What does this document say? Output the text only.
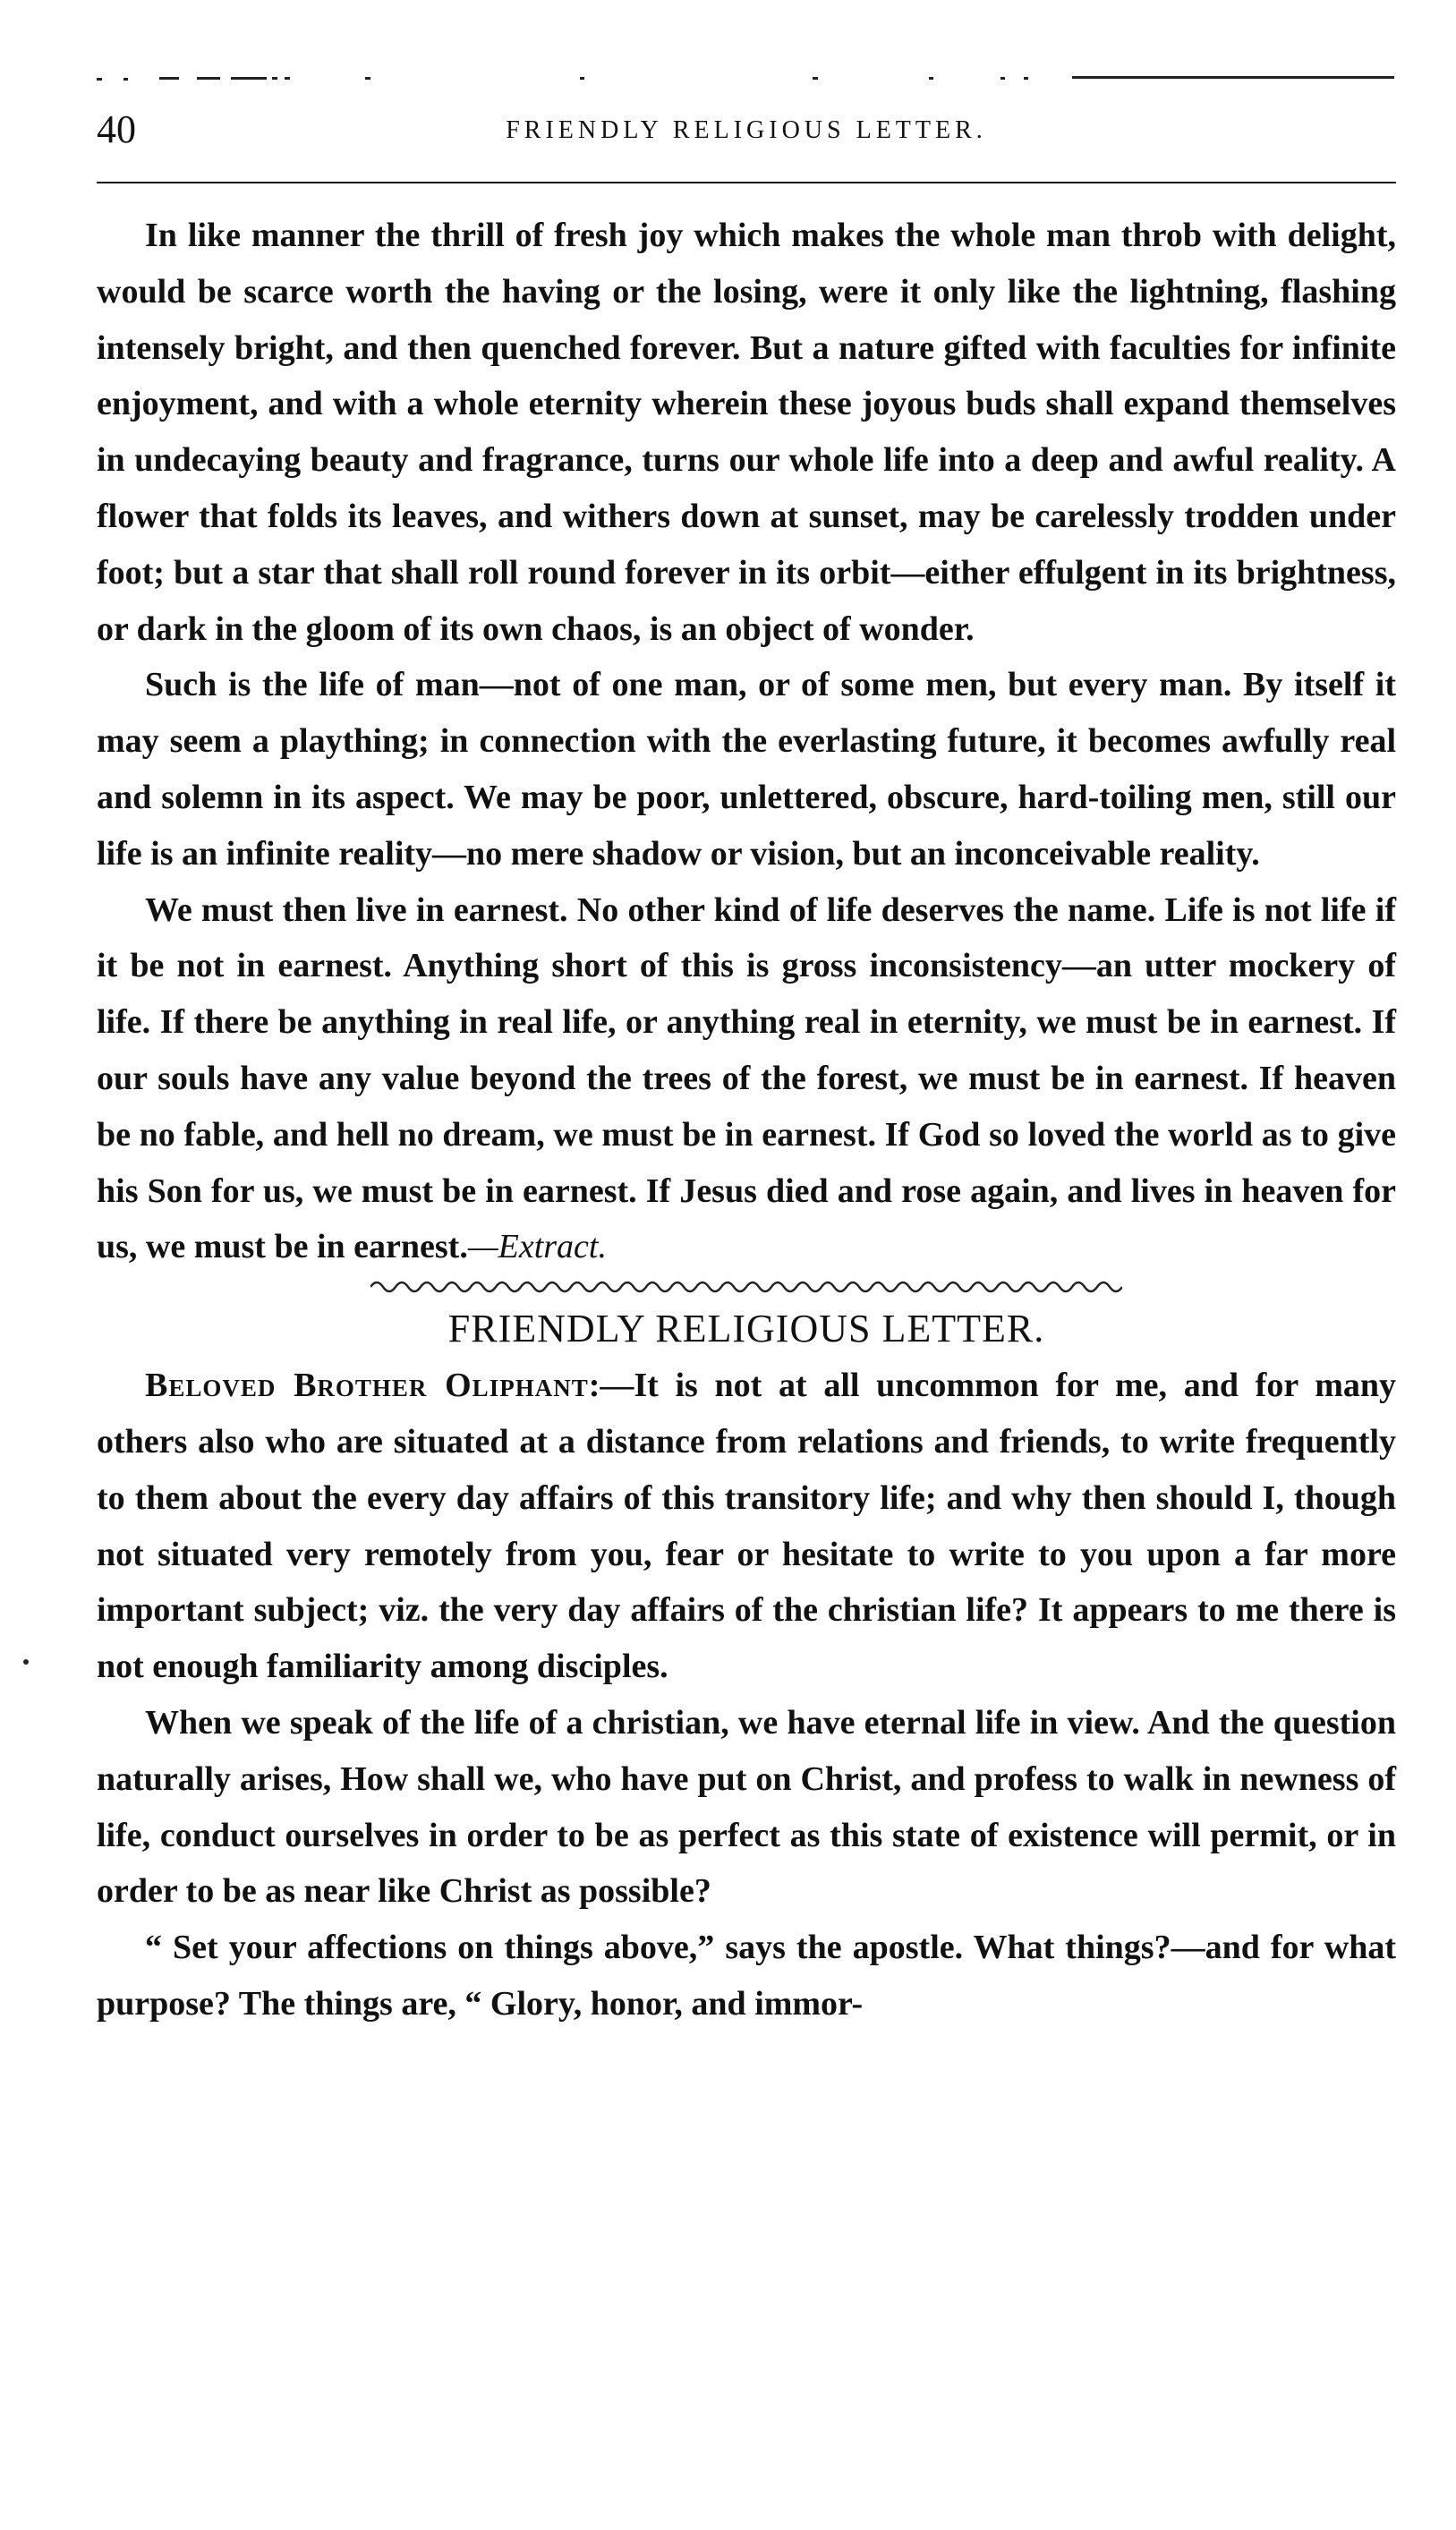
40	FRIENDLY RELIGIOUS LETTER.

In like manner the thrill of fresh joy which makes the whole man throb with delight, would be scarce worth the having or the losing, were it only like the lightning, flashing intensely bright, and then quenched forever. But a nature gifted with faculties for infinite enjoyment, and with a whole eternity wherein these joyous buds shall expand themselves in undecaying beauty and fragrance, turns our whole life into a deep and awful reality. A flower that folds its leaves, and withers down at sunset, may be carelessly trodden under foot; but a star that shall roll round forever in its orbit—either effulgent in its brightness, or dark in the gloom of its own chaos, is an object of wonder.

Such is the life of man—not of one man, or of some men, but every man. By itself it may seem a plaything; in connection with the everlasting future, it becomes awfully real and solemn in its aspect. We may be poor, unlettered, obscure, hard-toiling men, still our life is an infinite reality—no mere shadow or vision, but an inconceivable reality.

We must then live in earnest. No other kind of life deserves the name. Life is not life if it be not in earnest. Anything short of this is gross inconsistency—an utter mockery of life. If there be anything in real life, or anything real in eternity, we must be in earnest. If our souls have any value beyond the trees of the forest, we must be in earnest. If heaven be no fable, and hell no dream, we must be in earnest. If God so loved the world as to give his Son for us, we must be in earnest. If Jesus died and rose again, and lives in heaven for us, we must be in earnest.—Extract.

FRIENDLY RELIGIOUS LETTER.

Beloved Brother Oliphant:—It is not at all uncommon for me, and for many others also who are situated at a distance from relations and friends, to write frequently to them about the every day affairs of this transitory life; and why then should I, though not situated very remotely from you, fear or hesitate to write to you upon a far more important subject; viz. the very day affairs of the christian life? It appears to me there is not enough familiarity among disciples.

When we speak of the life of a christian, we have eternal life in view. And the question naturally arises, How shall we, who have put on Christ, and profess to walk in newness of life, conduct ourselves in order to be as perfect as this state of existence will permit, or in order to be as near like Christ as possible?

“ Set your affections on things above,” says the apostle. What things?—and for what purpose? The things are, “ Glory, honor, and immor-
